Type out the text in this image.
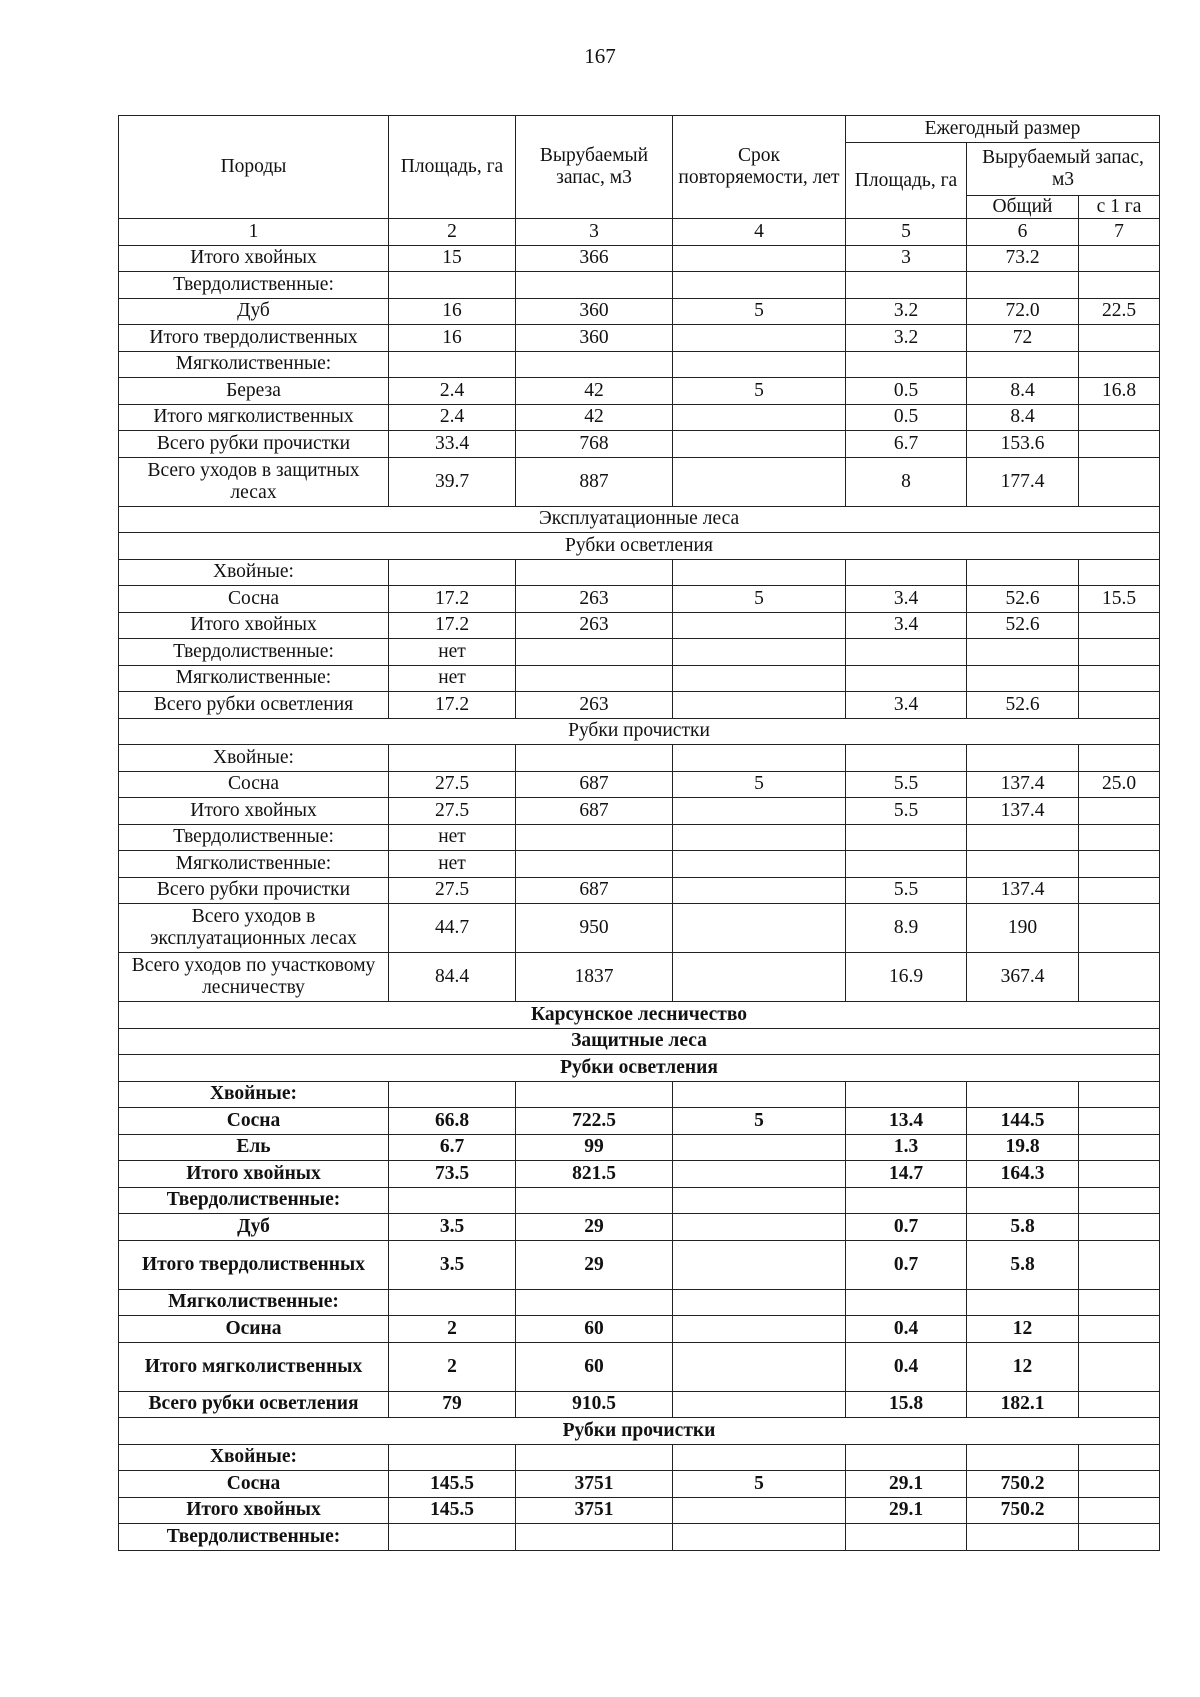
167
Породы	Площадь, га	Вырубаемый запас, м3	Срок повторяемости, лет	Ежегодный размер		
				Площадь, га	Вырубаемый запас, м3	
					Общий	с 1 га
1	2	3	4	5	6	7
Итого хвойных	15	366		3	73.2	
Твердолиственные:						
Дуб	16	360	5	3.2	72.0	22.5
Итого твердолиственных	16	360		3.2	72	
Мягколиственные:						
Береза	2.4	42	5	0.5	8.4	16.8
Итого мягколиственных	2.4	42		0.5	8.4	
Всего рубки прочистки	33.4	768		6.7	153.6	
Всего уходов в защитных лесах	39.7	887		8	177.4	
Эксплуатационные леса						
Рубки осветления						
Хвойные:						
Сосна	17.2	263	5	3.4	52.6	15.5
Итого хвойных	17.2	263		3.4	52.6	
Твердолиственные:	нет					
Мягколиственные:	нет					
Всего рубки осветления	17.2	263		3.4	52.6	
Рубки прочистки						
Хвойные:						
Сосна	27.5	687	5	5.5	137.4	25.0
Итого хвойных	27.5	687		5.5	137.4	
Твердолиственные:	нет					
Мягколиственные:	нет					
Всего рубки прочистки	27.5	687		5.5	137.4	
Всего уходов в эксплуатационных лесах	44.7	950		8.9	190	
Всего уходов по участковому лесничеству	84.4	1837		16.9	367.4	
Карсунское лесничество						
Защитные леса						
Рубки осветления						
Хвойные:						
Сосна	66.8	722.5	5	13.4	144.5	
Ель	6.7	99		1.3	19.8	
Итого хвойных	73.5	821.5		14.7	164.3	
Твердолиственные:						
Дуб	3.5	29		0.7	5.8	
Итого твердолиственных	3.5	29		0.7	5.8	
Мягколиственные:						
Осина	2	60		0.4	12	
Итого мягколиственных	2	60		0.4	12	
Всего рубки осветления	79	910.5		15.8	182.1	
Рубки прочистки						
Хвойные:						
Сосна	145.5	3751	5	29.1	750.2	
Итого хвойных	145.5	3751		29.1	750.2	
Твердолиственные:						
